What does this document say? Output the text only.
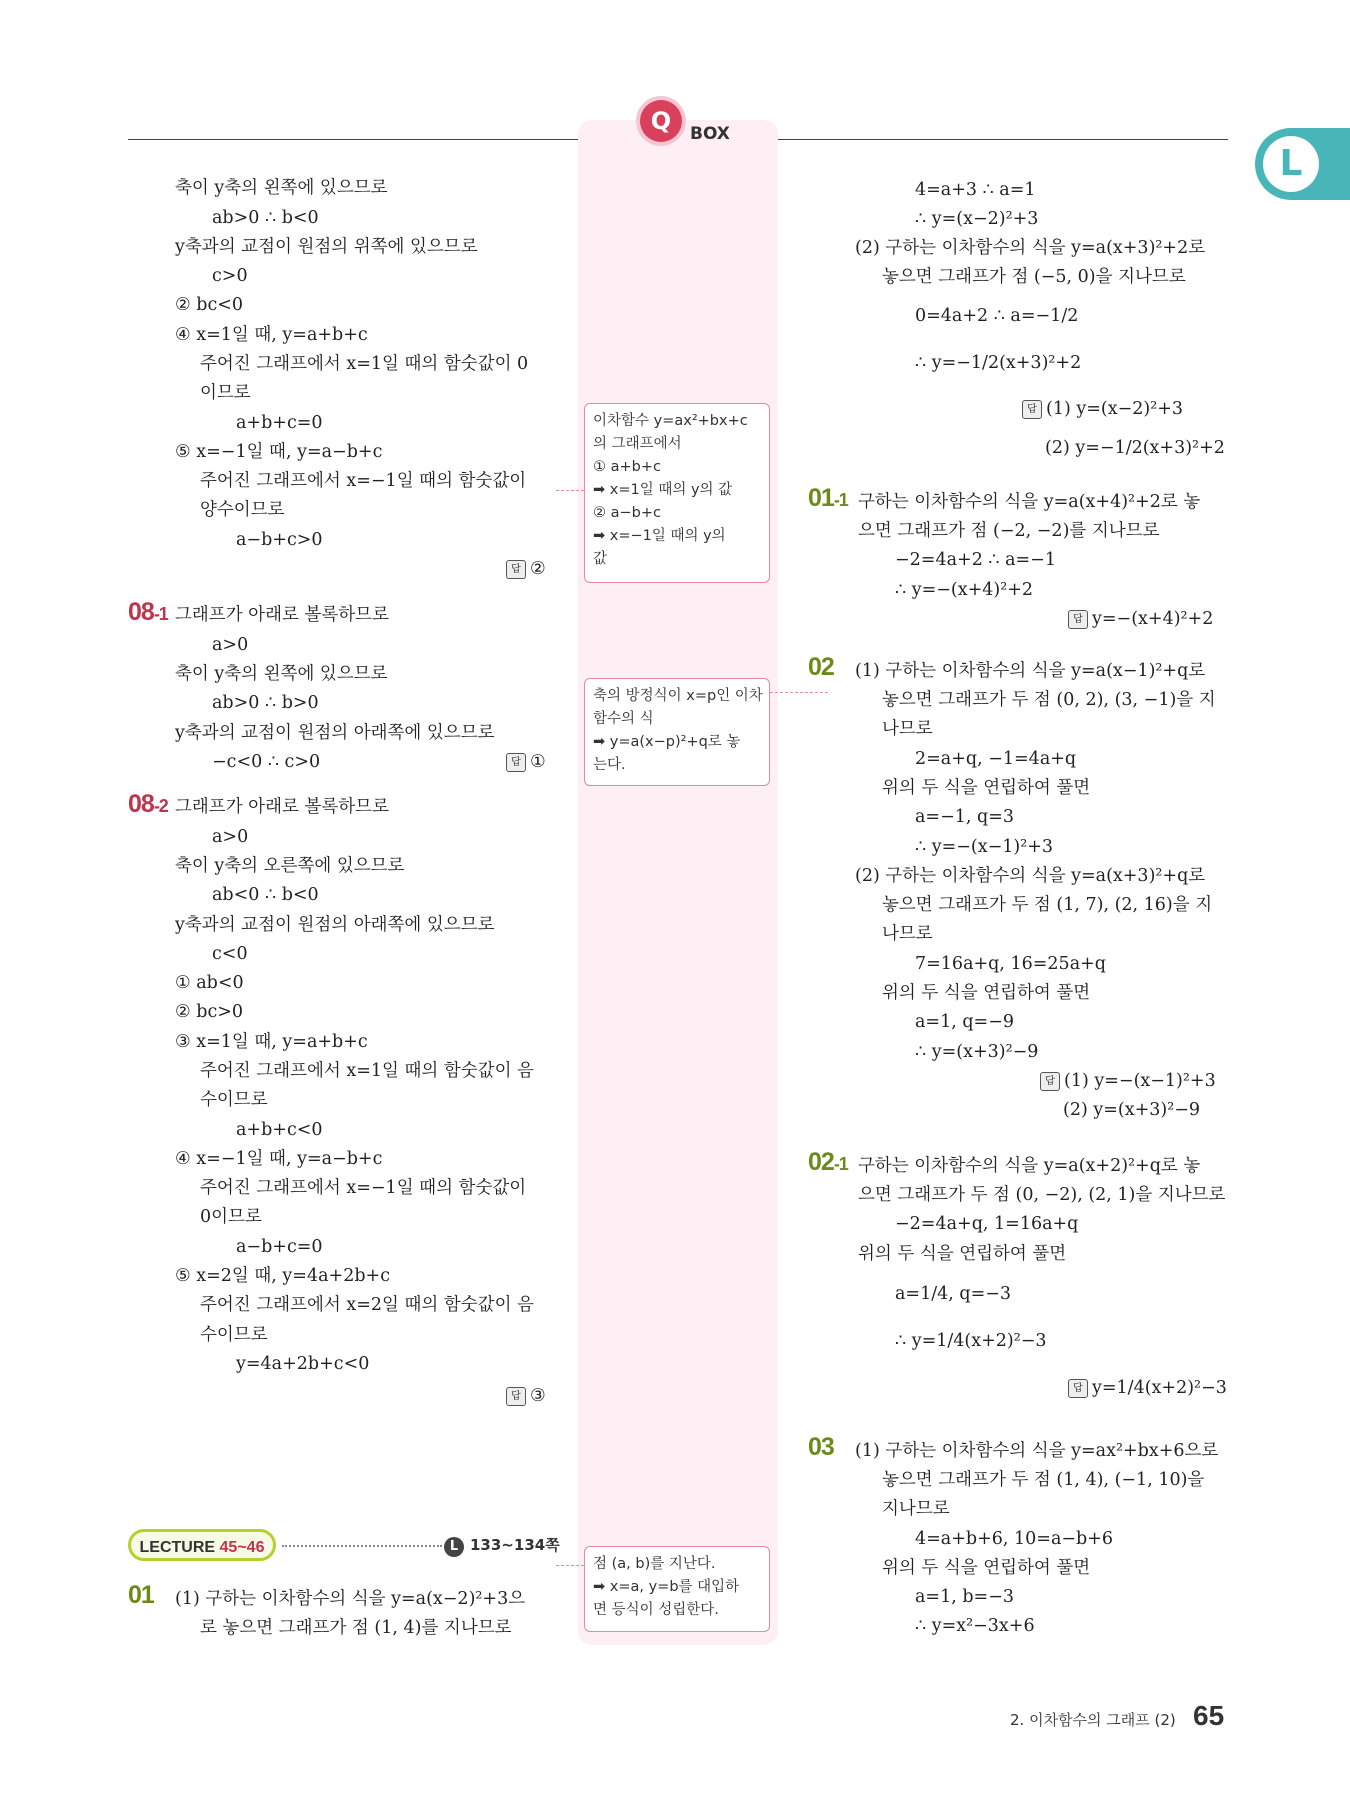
Q	BOX
L
축이 y축의 왼쪽에 있으므로
ab>0 ∴ b<0
y축과의 교점이 원점의 위쪽에 있으므로
c>0
② bc<0
④ x=1일 때, y=a+b+c
주어진 그래프에서 x=1일 때의 함숫값이 0
이므로
a+b+c=0
⑤ x=−1일 때, y=a−b+c
주어진 그래프에서 x=−1일 때의 함숫값이
양수이므로
a−b+c>0
답 ②
08-1 그래프가 아래로 볼록하므로
a>0
축이 y축의 왼쪽에 있으므로
ab>0 ∴ b>0
y축과의 교점이 원점의 아래쪽에 있으므로
−c<0 ∴ c>0	답 ①
08-2 그래프가 아래로 볼록하므로
a>0
축이 y축의 오른쪽에 있으므로
ab<0 ∴ b<0
y축과의 교점이 원점의 아래쪽에 있으므로
c<0
① ab<0
② bc>0
③ x=1일 때, y=a+b+c
주어진 그래프에서 x=1일 때의 함숫값이 음
수이므로
a+b+c<0
④ x=−1일 때, y=a−b+c
주어진 그래프에서 x=−1일 때의 함숫값이
0이므로
a−b+c=0
⑤ x=2일 때, y=4a+2b+c
주어진 그래프에서 x=2일 때의 함숫값이 음
수이므로
y=4a+2b+c<0
답 ③
LECTURE 45~46	L 133~134쪽
01 (1) 구하는 이차함수의 식을 y=a(x−2)²+3으
로 놓으면 그래프가 점 (1, 4)를 지나므로
이차함수 y=ax²+bx+c
의 그래프에서
① a+b+c
➡ x=1일 때의 y의 값
② a−b+c
➡ x=−1일 때의 y의
값
축의 방정식이 x=p인 이차
함수의 식
➡ y=a(x−p)²+q로 놓
는다.
점 (a, b)를 지난다.
➡ x=a, y=b를 대입하
면 등식이 성립한다.
4=a+3 ∴ a=1
∴ y=(x−2)²+3
(2) 구하는 이차함수의 식을 y=a(x+3)²+2로
놓으면 그래프가 점 (−5, 0)을 지나므로
0=4a+2 ∴ a=−1/2
∴ y=−1/2(x+3)²+2
답 (1) y=(x−2)²+3
(2) y=−1/2(x+3)²+2
01-1 구하는 이차함수의 식을 y=a(x+4)²+2로 놓
으면 그래프가 점 (−2, −2)를 지나므로
−2=4a+2 ∴ a=−1
∴ y=−(x+4)²+2
답 y=−(x+4)²+2
02 (1) 구하는 이차함수의 식을 y=a(x−1)²+q로
놓으면 그래프가 두 점 (0, 2), (3, −1)을 지
나므로
2=a+q, −1=4a+q
위의 두 식을 연립하여 풀면
a=−1, q=3
∴ y=−(x−1)²+3
(2) 구하는 이차함수의 식을 y=a(x+3)²+q로
놓으면 그래프가 두 점 (1, 7), (2, 16)을 지
나므로
7=16a+q, 16=25a+q
위의 두 식을 연립하여 풀면
a=1, q=−9
∴ y=(x+3)²−9
답 (1) y=−(x−1)²+3
(2) y=(x+3)²−9
02-1 구하는 이차함수의 식을 y=a(x+2)²+q로 놓
으면 그래프가 두 점 (0, −2), (2, 1)을 지나므로
−2=4a+q, 1=16a+q
위의 두 식을 연립하여 풀면
a=1/4, q=−3
∴ y=1/4(x+2)²−3
답 y=1/4(x+2)²−3
03 (1) 구하는 이차함수의 식을 y=ax²+bx+6으로
놓으면 그래프가 두 점 (1, 4), (−1, 10)을
지나므로
4=a+b+6, 10=a−b+6
위의 두 식을 연립하여 풀면
a=1, b=−3
∴ y=x²−3x+6
2. 이차함수의 그래프 (2) 65
